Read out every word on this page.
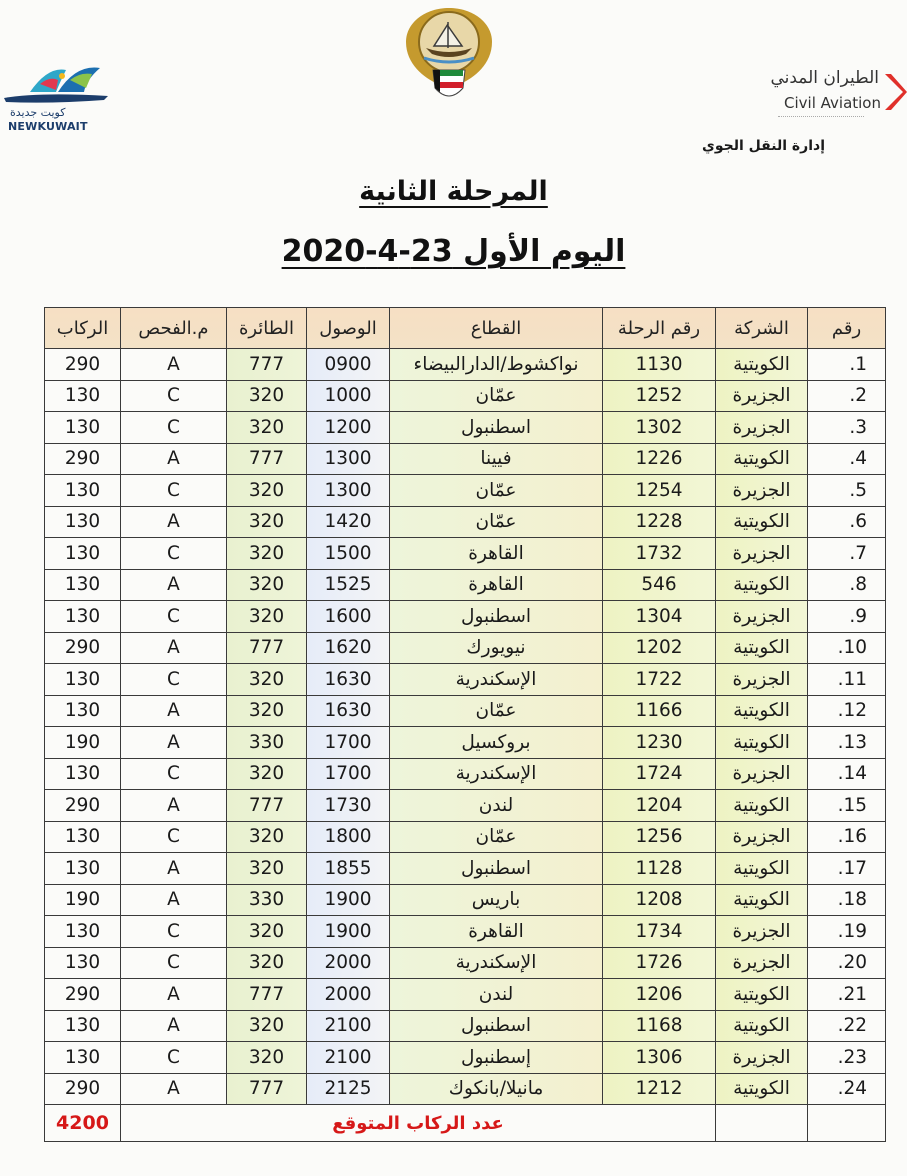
كويت جديدة
NEWKUWAIT
الطيران المدني
Civil Aviation
إدارة النقل الجوي
المرحلة الثانية
اليوم الأول 23-4-2020
رقم	الشركة	رقم الرحلة	القطاع	الوصول	الطائرة	م.الفحص	الركاب
1.	الكويتية	1130	نواكشوط/الدارالبيضاء	0900	777	A	290
2.	الجزيرة	1252	عمّان	1000	320	C	130
3.	الجزيرة	1302	اسطنبول	1200	320	C	130
4.	الكويتية	1226	فيينا	1300	777	A	290
5.	الجزيرة	1254	عمّان	1300	320	C	130
6.	الكويتية	1228	عمّان	1420	320	A	130
7.	الجزيرة	1732	القاهرة	1500	320	C	130
8.	الكويتية	546	القاهرة	1525	320	A	130
9.	الجزيرة	1304	اسطنبول	1600	320	C	130
10.	الكويتية	1202	نيويورك	1620	777	A	290
11.	الجزيرة	1722	الإسكندرية	1630	320	C	130
12.	الكويتية	1166	عمّان	1630	320	A	130
13.	الكويتية	1230	بروكسيل	1700	330	A	190
14.	الجزيرة	1724	الإسكندرية	1700	320	C	130
15.	الكويتية	1204	لندن	1730	777	A	290
16.	الجزيرة	1256	عمّان	1800	320	C	130
17.	الكويتية	1128	اسطنبول	1855	320	A	130
18.	الكويتية	1208	باريس	1900	330	A	190
19.	الجزيرة	1734	القاهرة	1900	320	C	130
20.	الجزيرة	1726	الإسكندرية	2000	320	C	130
21.	الكويتية	1206	لندن	2000	777	A	290
22.	الكويتية	1168	اسطنبول	2100	320	A	130
23.	الجزيرة	1306	إسطنبول	2100	320	C	130
24.	الكويتية	1212	مانيلا/بانكوك	2125	777	A	290
		عدد الركاب المتوقع					4200
